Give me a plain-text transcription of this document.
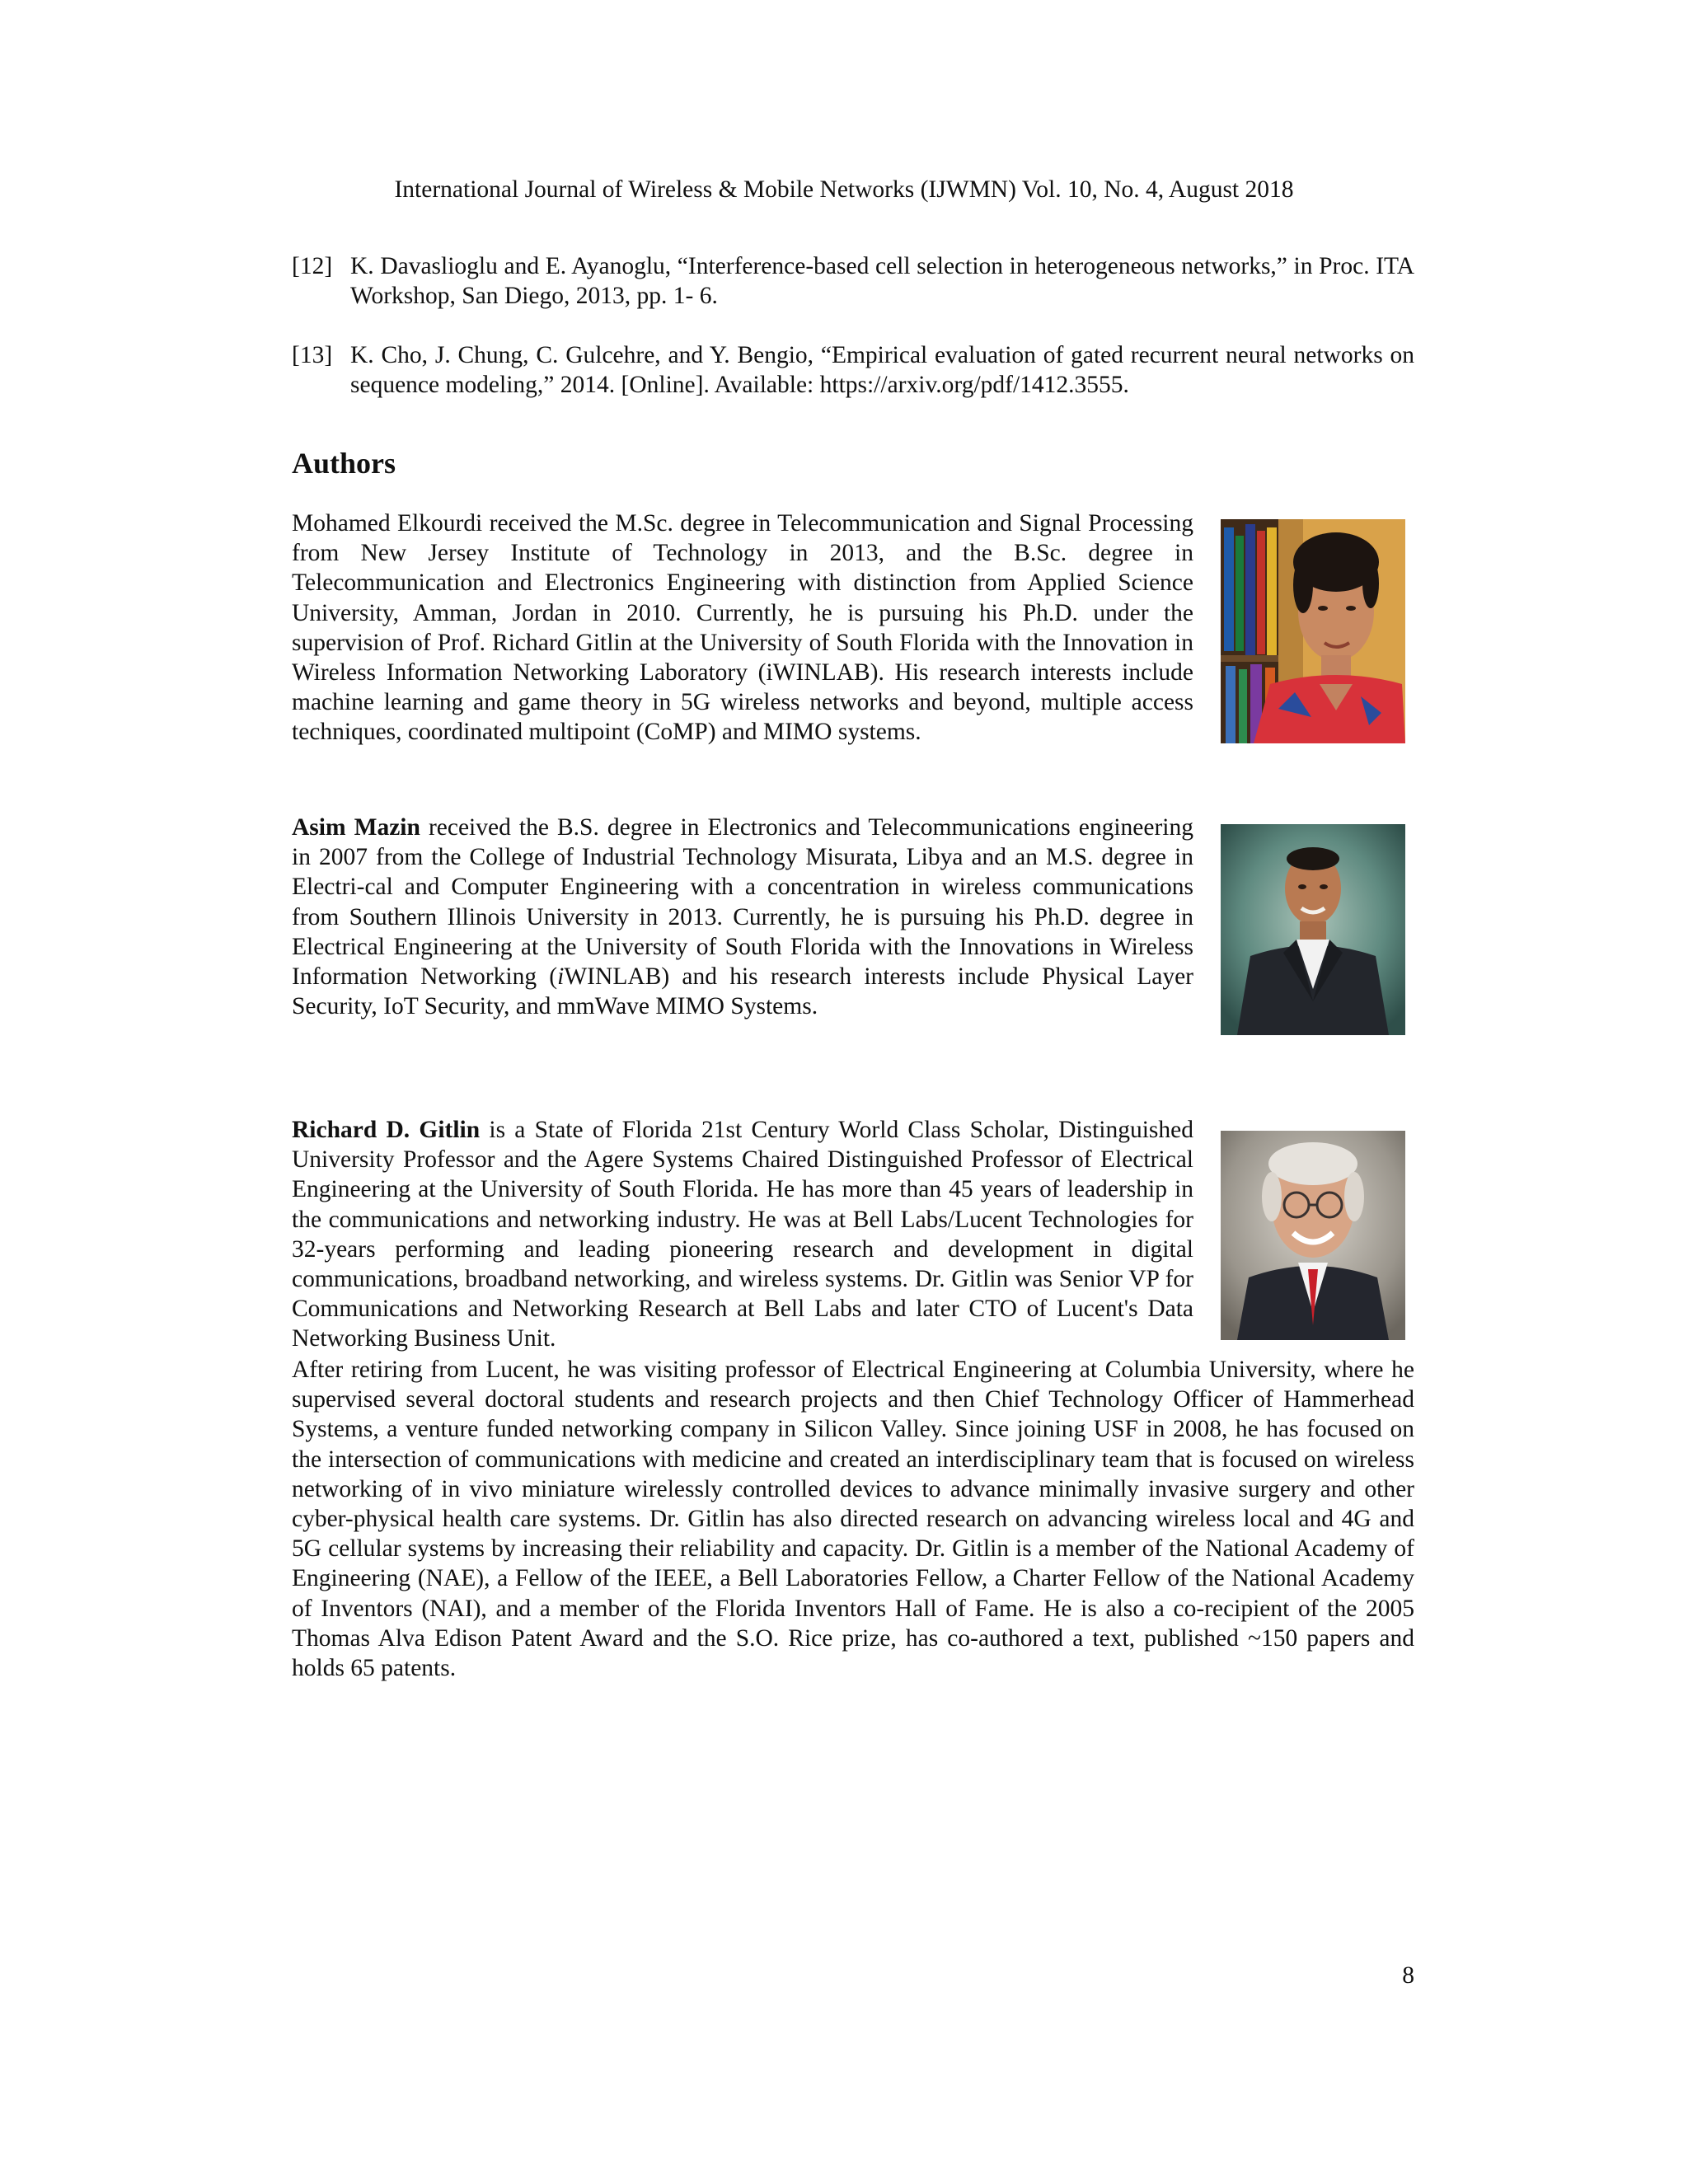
International Journal of Wireless & Mobile Networks (IJWMN) Vol. 10, No. 4, August 2018
[12] K. Davaslioglu and E. Ayanoglu, “Interference-based cell selection in heterogeneous networks,” in Proc. ITA Workshop, San Diego, 2013, pp. 1- 6.
[13] K. Cho, J. Chung, C. Gulcehre, and Y. Bengio, “Empirical evaluation of gated recurrent neural networks on sequence modeling,” 2014. [Online]. Available: https://arxiv.org/pdf/1412.3555.
Authors

Mohamed Elkourdi received the M.Sc. degree in Telecommunication and Signal Processing from New Jersey Institute of Technology in 2013, and the B.Sc. degree in Telecommunication and Electronics Engineering with distinction from Applied Science University, Amman, Jordan in 2010. Currently, he is pursuing his Ph.D. under the supervision of Prof. Richard Gitlin at the University of South Florida with the Innovation in Wireless Information Networking Laboratory (iWINLAB). His research interests include machine learning and game theory in 5G wireless networks and beyond, multiple access techniques, coordinated multipoint (CoMP) and MIMO systems.

Asim Mazin received the B.S. degree in Electronics and Telecommunications engineering in 2007 from the College of Industrial Technology Misurata, Libya and an M.S. degree in Electri-cal and Computer Engineering with a concentration in wireless communications from Southern Illinois University in 2013. Currently, he is pursuing his Ph.D. degree in Electrical Engineering at the University of South Florida with the Innovations in Wireless Information Networking (iWINLAB) and his research interests include Physical Layer Security, IoT Security, and mmWave MIMO Systems.

Richard D. Gitlin is a State of Florida 21st Century World Class Scholar, Distinguished University Professor and the Agere Systems Chaired Distinguished Professor of Electrical Engineering at the University of South Florida. He has more than 45 years of leadership in the communications and networking industry. He was at Bell Labs/Lucent Technologies for 32-years performing and leading pioneering research and development in digital communications, broadband networking, and wireless systems. Dr. Gitlin was Senior VP for Communications and Networking Research at Bell Labs and later CTO of Lucent's Data Networking Business Unit.

After retiring from Lucent, he was visiting professor of Electrical Engineering at Columbia University, where he supervised several doctoral students and research projects and then Chief Technology Officer of Hammerhead Systems, a venture funded networking company in Silicon Valley. Since joining USF in 2008, he has focused on the intersection of communications with medicine and created an interdisciplinary team that is focused on wireless networking of in vivo miniature wirelessly controlled devices to advance minimally invasive surgery and other cyber-physical health care systems. Dr. Gitlin has also directed research on advancing wireless local and 4G and 5G cellular systems by increasing their reliability and capacity. Dr. Gitlin is a member of the National Academy of Engineering (NAE), a Fellow of the IEEE, a Bell Laboratories Fellow, a Charter Fellow of the National Academy of Inventors (NAI), and a member of the Florida Inventors Hall of Fame. He is also a co-recipient of the 2005 Thomas Alva Edison Patent Award and the S.O. Rice prize, has co-authored a text, published ~150 papers and holds 65 patents.

8
